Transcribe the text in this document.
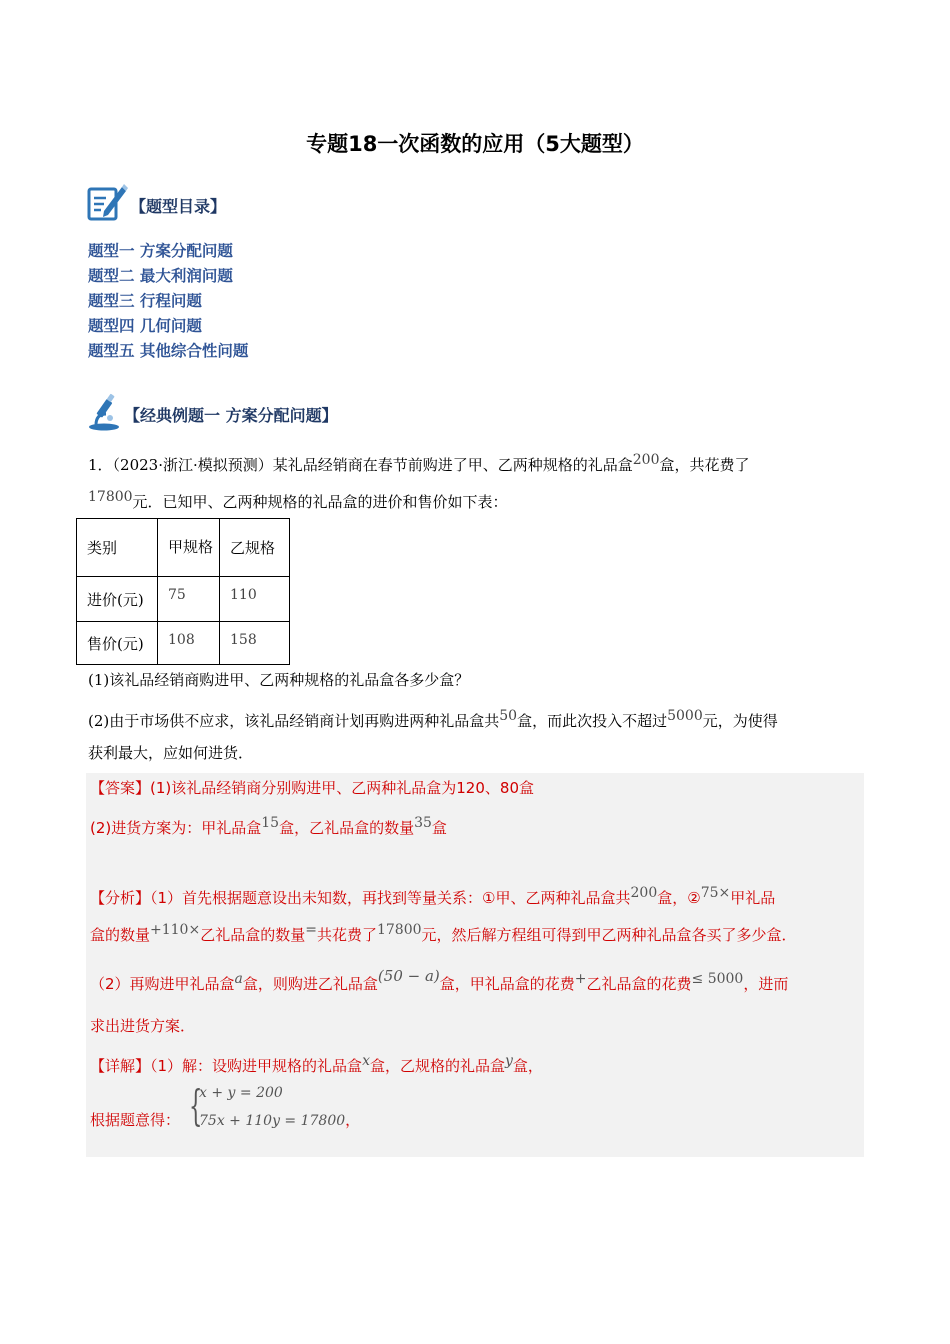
专题18一次函数的应用（5大题型）
【题型目录】
题型一 方案分配问题
题型二 最大利润问题
题型三 行程问题
题型四 几何问题
题型五 其他综合性问题
【经典例题一 方案分配问题】
1．（2023·浙江·模拟预测）某礼品经销商在春节前购进了甲、乙两种规格的礼品盒200盒，共花费了
17800元．已知甲、乙两种规格的礼品盒的进价和售价如下表：
类别	甲规格	乙规格
进价(元)	75	110
售价(元)	108	158
(1)该礼品经销商购进甲、乙两种规格的礼品盒各多少盒？
(2)由于市场供不应求，该礼品经销商计划再购进两种礼品盒共50盒，而此次投入不超过5000元，为使得
获利最大，应如何进货．
【答案】(1)该礼品经销商分别购进甲、乙两种礼品盒为120、80盒
(2)进货方案为：甲礼品盒15盒，乙礼品盒的数量35盒
【分析】（1）首先根据题意设出未知数，再找到等量关系：①甲、乙两种礼品盒共200盒，②75×甲礼品
盒的数量+110×乙礼品盒的数量=共花费了17800元，然后解方程组可得到甲乙两种礼品盒各买了多少盒．
（2）再购进甲礼品盒a盒，则购进乙礼品盒(50 − a)盒，甲礼品盒的花费+乙礼品盒的花费≤ 5000，进而
求出进货方案．
【详解】（1）解：设购进甲规格的礼品盒x盒，乙规格的礼品盒y盒，
根据题意得： {
x + y = 200
75x + 110y = 17800，
